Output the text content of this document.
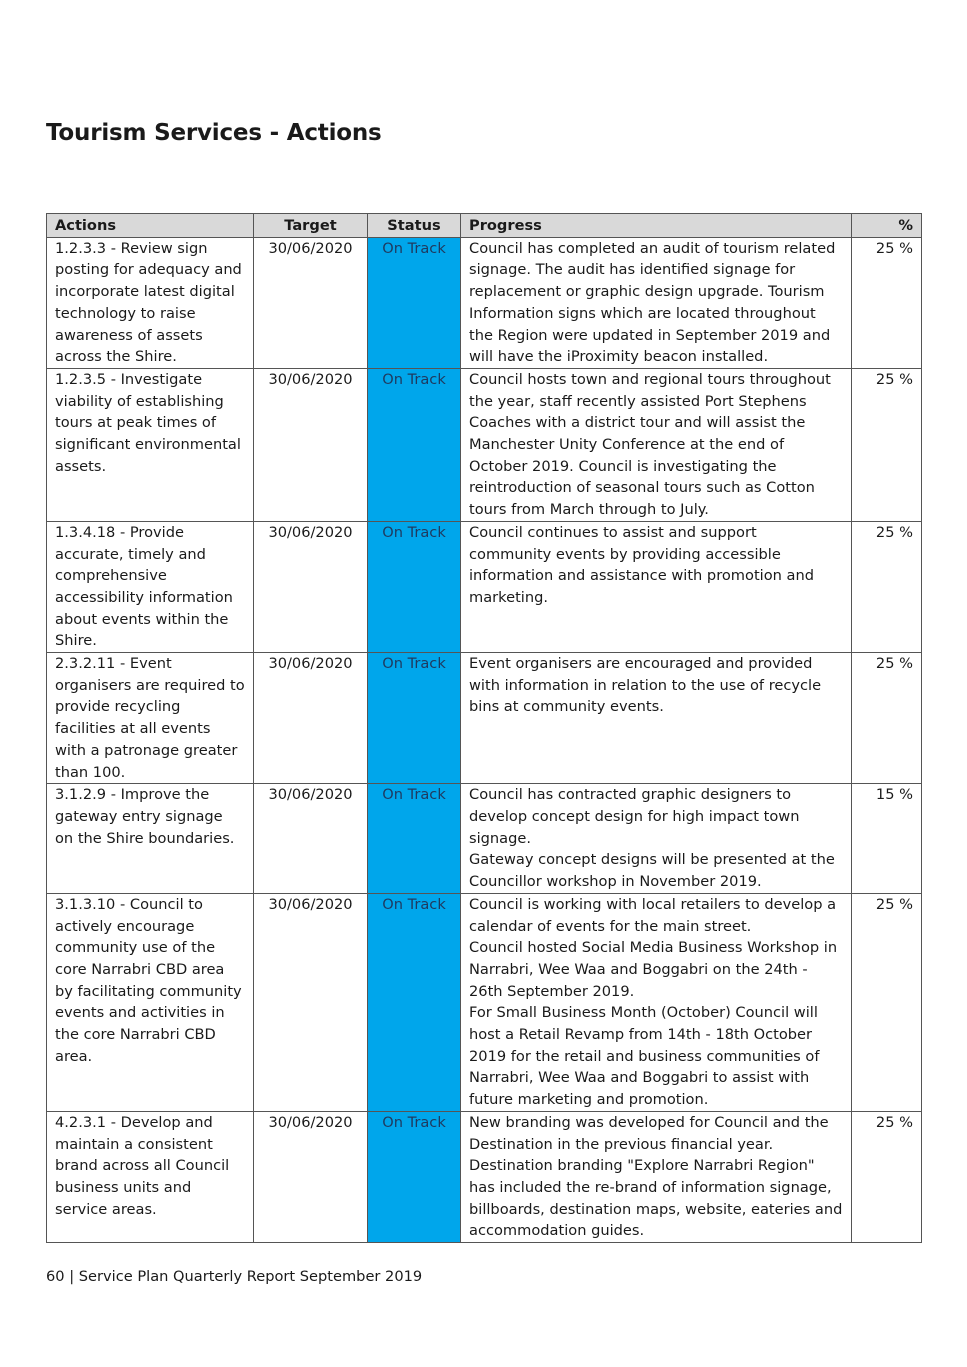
Tourism Services - Actions
Actions	Target	Status	Progress	%
1.2.3.3 - Review sign posting for adequacy and incorporate latest digital technology to raise awareness of assets across the Shire.	30/06/2020	On Track	Council has completed an audit of tourism related signage. The audit has identified signage for replacement or graphic design upgrade. Tourism Information signs which are located throughout the Region were updated in September 2019 and will have the iProximity beacon installed.	25 %
1.2.3.5 - Investigate viability of establishing tours at peak times of significant environmental assets.	30/06/2020	On Track	Council hosts town and regional tours throughout the year, staff recently assisted Port Stephens Coaches with a district tour and will assist the Manchester Unity Conference at the end of October 2019. Council is investigating the reintroduction of seasonal tours such as Cotton tours from March through to July.	25 %
1.3.4.18 - Provide accurate, timely and comprehensive accessibility information about events within the Shire.	30/06/2020	On Track	Council continues to assist and support community events by providing accessible information and assistance with promotion and marketing.	25 %
2.3.2.11 - Event organisers are required to provide recycling facilities at all events with a patronage greater than 100.	30/06/2020	On Track	Event organisers are encouraged and provided with information in relation to the use of recycle bins at community events.	25 %
3.1.2.9 - Improve the gateway entry signage on the Shire boundaries.	30/06/2020	On Track	Council has contracted graphic designers to develop concept design for high impact town signage.
Gateway concept designs will be presented at the Councillor workshop in November 2019.	15 %
3.1.3.10 - Council to actively encourage community use of the core Narrabri CBD area by facilitating community events and activities in the core Narrabri CBD area.	30/06/2020	On Track	Council is working with local retailers to develop a calendar of events for the main street.
Council hosted Social Media Business Workshop in Narrabri, Wee Waa and Boggabri on the 24th - 26th September 2019.
For Small Business Month (October) Council will host a Retail Revamp from 14th - 18th October 2019 for the retail and business communities of Narrabri, Wee Waa and Boggabri to assist with future marketing and promotion.	25 %
4.2.3.1 - Develop and maintain a consistent brand across all Council business units and service areas.	30/06/2020	On Track	New branding was developed for Council and the Destination in the previous financial year.
Destination branding "Explore Narrabri Region" has included the re-brand of information signage, billboards, destination maps, website, eateries and accommodation guides.	25 %
60 | Service Plan Quarterly Report September 2019
